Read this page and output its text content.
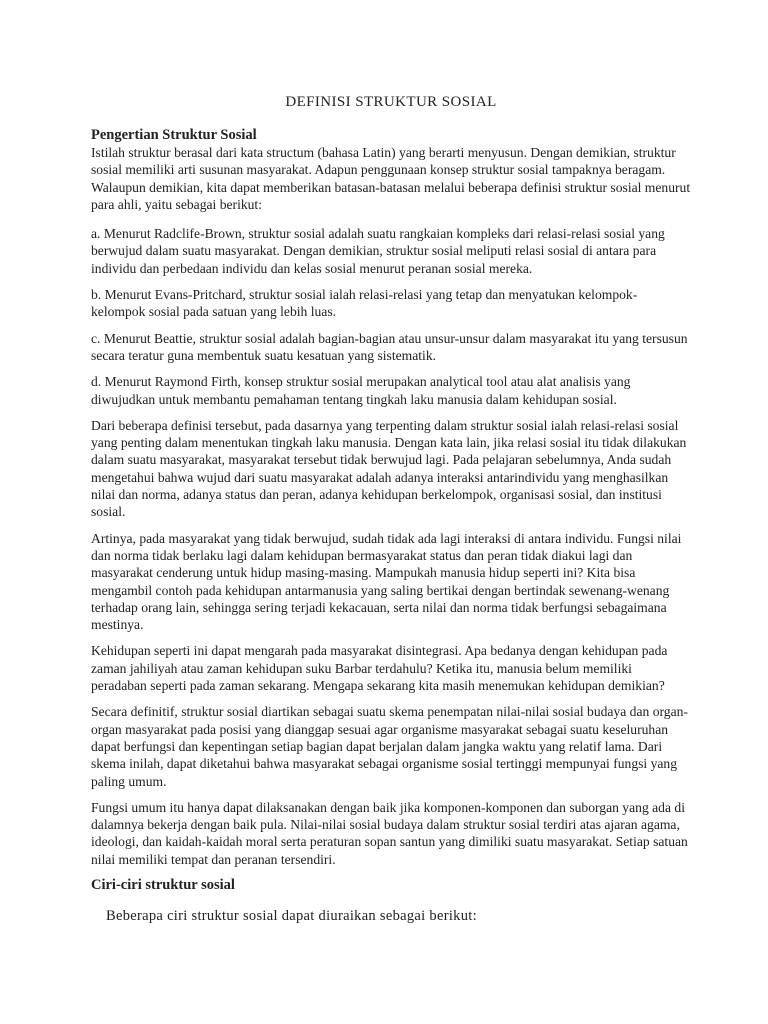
DEFINISI STRUKTUR SOSIAL
Pengertian Struktur Sosial

Istilah struktur berasal dari kata structum (bahasa Latin) yang berarti menyusun. Dengan demikian, struktur sosial memiliki arti susunan masyarakat. Adapun penggunaan konsep struktur sosial tampaknya beragam. Walaupun demikian, kita dapat memberikan batasan-batasan melalui beberapa definisi struktur sosial menurut para ahli, yaitu sebagai berikut:

a. Menurut Radclife-Brown, struktur sosial adalah suatu rangkaian kompleks dari relasi-relasi sosial yang berwujud dalam suatu masyarakat. Dengan demikian, struktur sosial meliputi relasi sosial di antara para individu dan perbedaan individu dan kelas sosial menurut peranan sosial mereka.

b. Menurut Evans-Pritchard, struktur sosial ialah relasi-relasi yang tetap dan menyatukan kelompok-kelompok sosial pada satuan yang lebih luas.

c. Menurut Beattie, struktur sosial adalah bagian-bagian atau unsur-unsur dalam masyarakat itu yang tersusun secara teratur guna membentuk suatu kesatuan yang sistematik.

d. Menurut Raymond Firth, konsep struktur sosial merupakan analytical tool atau alat analisis yang diwujudkan untuk membantu pemahaman tentang tingkah laku manusia dalam kehidupan sosial.

Dari beberapa definisi tersebut, pada dasarnya yang terpenting dalam struktur sosial ialah relasi-relasi sosial yang penting dalam menentukan tingkah laku manusia. Dengan kata lain, jika relasi sosial itu tidak dilakukan dalam suatu masyarakat, masyarakat tersebut tidak berwujud lagi. Pada pelajaran sebelumnya, Anda sudah mengetahui bahwa wujud dari suatu masyarakat adalah adanya interaksi antarindividu yang menghasilkan nilai dan norma, adanya status dan peran, adanya kehidupan berkelompok, organisasi sosial, dan institusi sosial.

Artinya, pada masyarakat yang tidak berwujud, sudah tidak ada lagi interaksi di antara individu. Fungsi nilai dan norma tidak berlaku lagi dalam kehidupan bermasyarakat status dan peran tidak diakui lagi dan masyarakat cenderung untuk hidup masing-masing. Mampukah manusia hidup seperti ini? Kita bisa mengambil contoh pada kehidupan antarmanusia yang saling bertikai dengan bertindak sewenang-wenang terhadap orang lain, sehingga sering terjadi kekacauan, serta nilai dan norma tidak berfungsi sebagaimana mestinya.

Kehidupan seperti ini dapat mengarah pada masyarakat disintegrasi. Apa bedanya dengan kehidupan pada zaman jahiliyah atau zaman kehidupan suku Barbar terdahulu? Ketika itu, manusia belum memiliki peradaban seperti pada zaman sekarang. Mengapa sekarang kita masih menemukan kehidupan demikian?

Secara definitif, struktur sosial diartikan sebagai suatu skema penempatan nilai-nilai sosial budaya dan organ-organ masyarakat pada posisi yang dianggap sesuai agar organisme masyarakat sebagai suatu keseluruhan dapat berfungsi dan kepentingan setiap bagian dapat berjalan dalam jangka waktu yang relatif lama. Dari skema inilah, dapat diketahui bahwa masyarakat sebagai organisme sosial tertinggi mempunyai fungsi yang paling umum.

Fungsi umum itu hanya dapat dilaksanakan dengan baik jika komponen-komponen dan suborgan yang ada di dalamnya bekerja dengan baik pula. Nilai-nilai sosial budaya dalam struktur sosial terdiri atas ajaran agama, ideologi, dan kaidah-kaidah moral serta peraturan sopan santun yang dimiliki suatu masyarakat. Setiap satuan nilai memiliki tempat dan peranan tersendiri.

Ciri-ciri struktur sosial

Beberapa ciri struktur sosial dapat diuraikan sebagai berikut:
